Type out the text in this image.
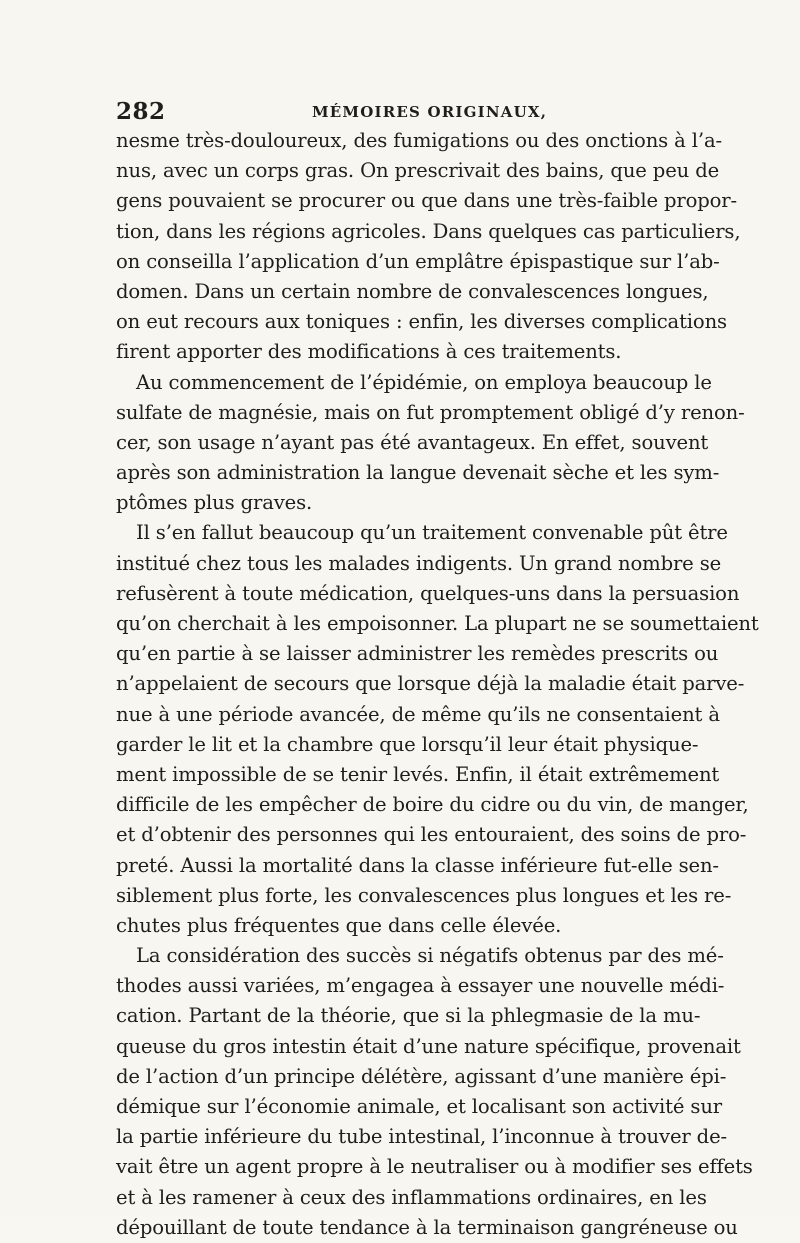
282	MÉMOIRES ORIGINAUX,
nesme très-douloureux, des fumigations ou des onctions à l’a-
nus, avec un corps gras. On prescrivait des bains, que peu de
gens pouvaient se procurer ou que dans une très-faible propor-
tion, dans les régions agricoles. Dans quelques cas particuliers,
on conseilla l’application d’un emplâtre épispastique sur l’ab-
domen. Dans un certain nombre de convalescences longues,
on eut recours aux toniques : enfin, les diverses complications
firent apporter des modifications à ces traitements.
Au commencement de l’épidémie, on employa beaucoup le
sulfate de magnésie, mais on fut promptement obligé d’y renon-
cer, son usage n’ayant pas été avantageux. En effet, souvent
après son administration la langue devenait sèche et les sym-
ptômes plus graves.
Il s’en fallut beaucoup qu’un traitement convenable pût être
institué chez tous les malades indigents. Un grand nombre se
refusèrent à toute médication, quelques-uns dans la persuasion
qu’on cherchait à les empoisonner. La plupart ne se soumettaient
qu’en partie à se laisser administrer les remèdes prescrits ou
n’appelaient de secours que lorsque déjà la maladie était parve-
nue à une période avancée, de même qu’ils ne consentaient à
garder le lit et la chambre que lorsqu’il leur était physique-
ment impossible de se tenir levés. Enfin, il était extrêmement
difficile de les empêcher de boire du cidre ou du vin, de manger,
et d’obtenir des personnes qui les entouraient, des soins de pro-
preté. Aussi la mortalité dans la classe inférieure fut-elle sen-
siblement plus forte, les convalescences plus longues et les re-
chutes plus fréquentes que dans celle élevée.
La considération des succès si négatifs obtenus par des mé-
thodes aussi variées, m’engagea à essayer une nouvelle médi-
cation. Partant de la théorie, que si la phlegmasie de la mu-
queuse du gros intestin était d’une nature spécifique, provenait
de l’action d’un principe délétère, agissant d’une manière épi-
démique sur l’économie animale, et localisant son activité sur
la partie inférieure du tube intestinal, l’inconnue à trouver de-
vait être un agent propre à le neutraliser ou à modifier ses effets
et à les ramener à ceux des inflammations ordinaires, en les
dépouillant de toute tendance à la terminaison gangréneuse ou
